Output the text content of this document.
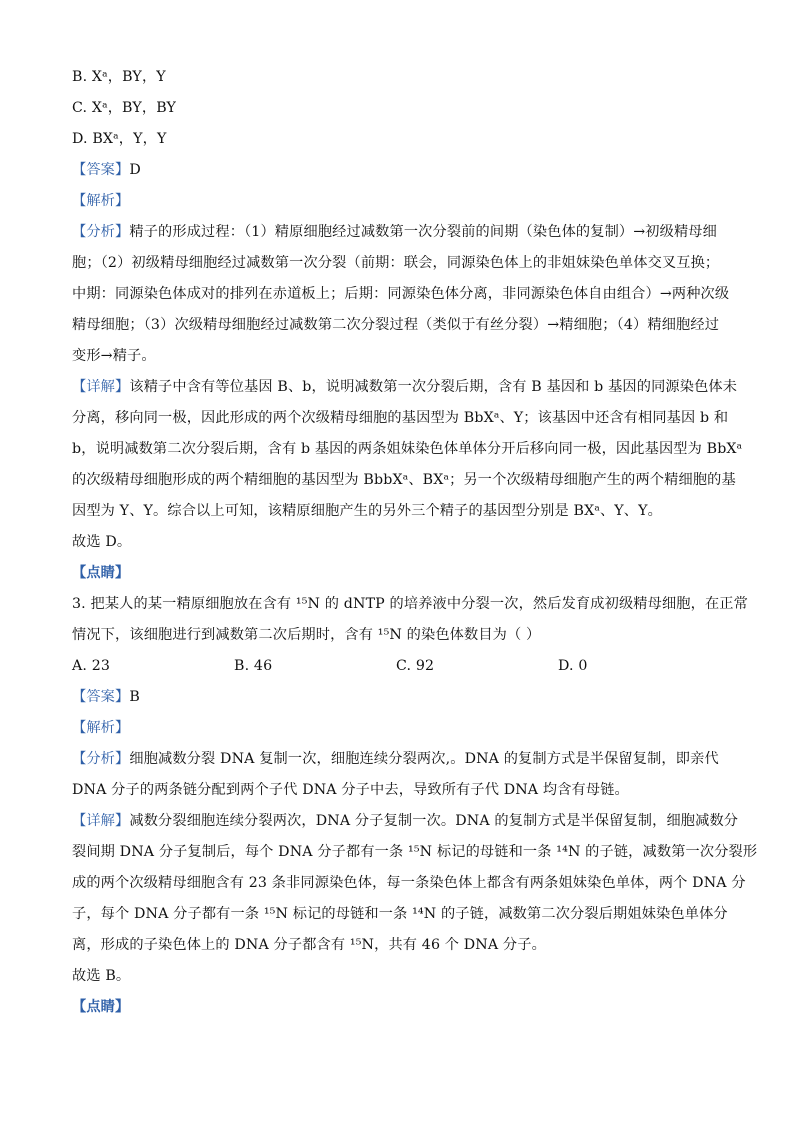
B. Xᵃ，BY，Y
C. Xᵃ，BY，BY
D. BXᵃ，Y，Y
【答案】D
【解析】
【分析】精子的形成过程：（1）精原细胞经过减数第一次分裂前的间期（染色体的复制）→初级精母细
胞；（2）初级精母细胞经过减数第一次分裂（前期：联会，同源染色体上的非姐妹染色单体交叉互换；
中期：同源染色体成对的排列在赤道板上；后期：同源染色体分离，非同源染色体自由组合）→两种次级
精母细胞；（3）次级精母细胞经过减数第二次分裂过程（类似于有丝分裂）→精细胞；（4）精细胞经过
变形→精子。
【详解】该精子中含有等位基因 B、b，说明减数第一次分裂后期，含有 B 基因和 b 基因的同源染色体未
分离，移向同一极，因此形成的两个次级精母细胞的基因型为 BbXᵃ、Y；该基因中还含有相同基因 b 和
b，说明减数第二次分裂后期，含有 b 基因的两条姐妹染色体单体分开后移向同一极，因此基因型为 BbXᵃ
的次级精母细胞形成的两个精细胞的基因型为 BbbXᵃ、BXᵃ；另一个次级精母细胞产生的两个精细胞的基
因型为 Y、Y。综合以上可知，该精原细胞产生的另外三个精子的基因型分别是 BXᵃ、Y、Y。
故选 D。
【点睛】
3. 把某人的某一精原细胞放在含有 ¹⁵N 的 dNTP 的培养液中分裂一次，然后发育成初级精母细胞，在正常
情况下，该细胞进行到减数第二次后期时，含有 ¹⁵N 的染色体数目为（ ）
A. 23	B. 46	C. 92	D. 0
【答案】B
【解析】
【分析】细胞减数分裂 DNA 复制一次，细胞连续分裂两次,。DNA 的复制方式是半保留复制，即亲代
DNA 分子的两条链分配到两个子代 DNA 分子中去，导致所有子代 DNA 均含有母链。
【详解】减数分裂细胞连续分裂两次，DNA 分子复制一次。DNA 的复制方式是半保留复制，细胞减数分
裂间期 DNA 分子复制后，每个 DNA 分子都有一条 ¹⁵N 标记的母链和一条 ¹⁴N 的子链，减数第一次分裂形
成的两个次级精母细胞含有 23 条非同源染色体，每一条染色体上都含有两条姐妹染色单体，两个 DNA 分
子，每个 DNA 分子都有一条 ¹⁵N 标记的母链和一条 ¹⁴N 的子链，减数第二次分裂后期姐妹染色单体分
离，形成的子染色体上的 DNA 分子都含有 ¹⁵N，共有 46 个 DNA 分子。
故选 B。
【点睛】
